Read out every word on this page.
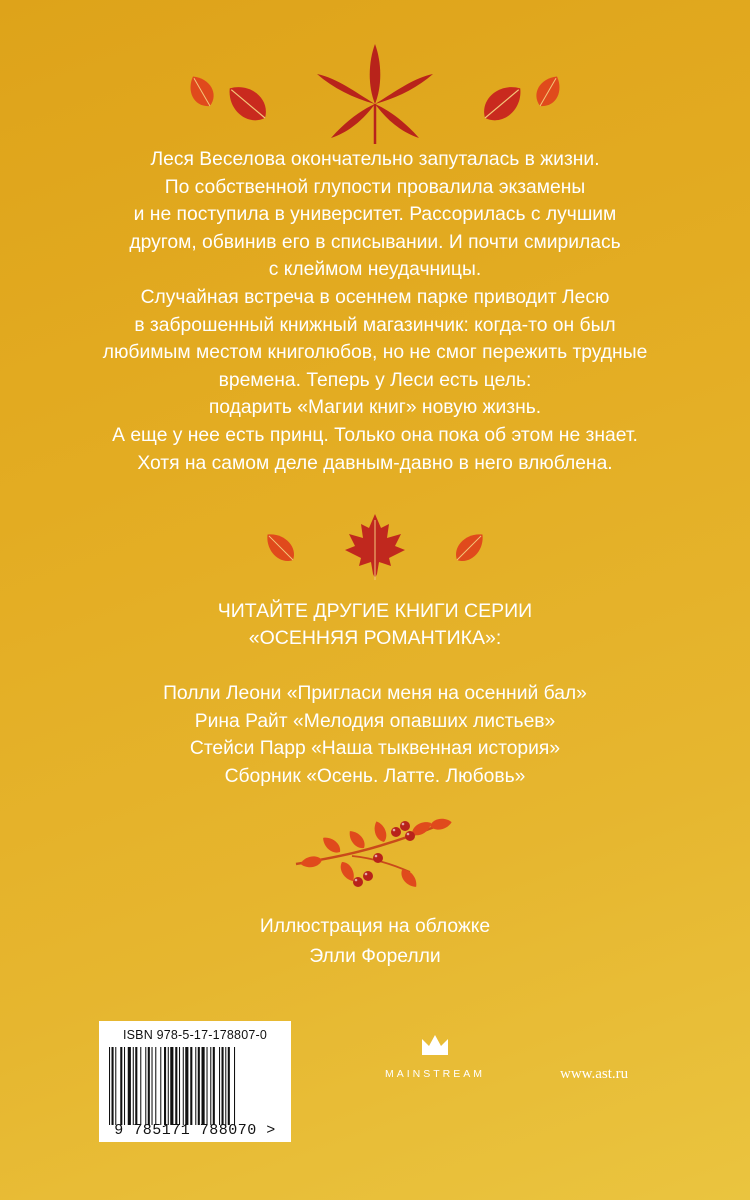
Леся Веселова окончательно запуталась в жизни.
По собственной глупости провалила экзамены
и не поступила в университет. Рассорилась с лучшим
другом, обвинив его в списывании. И почти смирилась
с клеймом неудачницы.
Случайная встреча в осеннем парке приводит Лесю
в заброшенный книжный магазинчик: когда-то он был
любимым местом книголюбов, но не смог пережить трудные
времена. Теперь у Леси есть цель:
подарить «Магии книг» новую жизнь.
А еще у нее есть принц. Только она пока об этом не знает.
Хотя на самом деле давным-давно в него влюблена.
ЧИТАЙТЕ ДРУГИЕ КНИГИ СЕРИИ
«ОСЕННЯЯ РОМАНТИКА»:
Полли Леони «Пригласи меня на осенний бал»
Рина Райт «Мелодия опавших листьев»
Стейси Парр «Наша тыквенная история»
Сборник «Осень. Латте. Любовь»
Иллюстрация на обложке
Элли Форелли
ISBN 978-5-17-178807-0
9 785171 788070 >
MAINSTREAM	www.ast.ru
